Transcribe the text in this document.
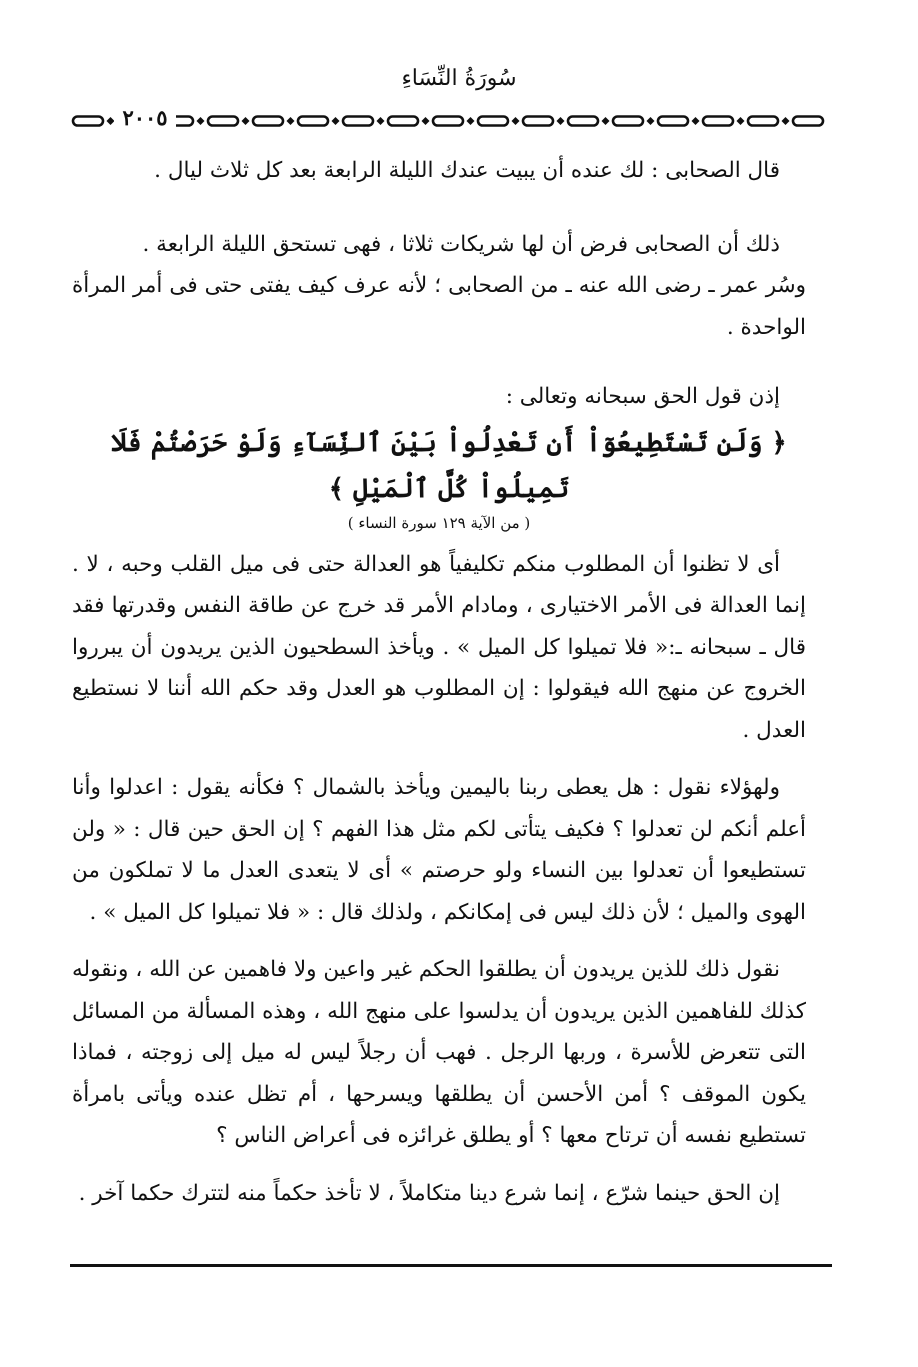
سُورَةُ النِّسَاءِ
٢٠٠٥

قال الصحابى : لك عنده أن يبيت عندك الليلة الرابعة بعد كل ثلاث ليال .

ذلك أن الصحابى فرض أن لها شريكات ثلاثا ، فهى تستحق الليلة الرابعة .

وسُر عمر ـ رضى الله عنه ـ من الصحابى ؛ لأنه عرف كيف يفتى حتى فى أمر المرأة الواحدة .

إذن قول الحق سبحانه وتعالى :

﴿ وَلَن تَسْتَطِيعُوٓاْ أَن تَعْدِلُواْ بَيْنَ ٱلنِّسَآءِ وَلَوْ حَرَصْتُمْ فَلَا تَمِيلُواْ كُلَّ ٱلْمَيْلِ ﴾
( من الآية ١٢٩ سورة النساء )

أى لا تظنوا أن المطلوب منكم تكليفياً هو العدالة حتى فى ميل القلب وحبه ، لا . إنما العدالة فى الأمر الاختيارى ، ومادام الأمر قد خرج عن طاقة النفس وقدرتها فقد قال ـ سبحانه ـ:« فلا تميلوا كل الميل » . ويأخذ السطحيون الذين يريدون أن يبرروا الخروج عن منهج الله فيقولوا : إن المطلوب هو العدل وقد حكم الله أننا لا نستطيع العدل .

ولهؤلاء نقول : هل يعطى ربنا باليمين ويأخذ بالشمال ؟ فكأنه يقول : اعدلوا وأنا أعلم أنكم لن تعدلوا ؟ فكيف يتأتى لكم مثل هذا الفهم ؟ إن الحق حين قال : « ولن تستطيعوا أن تعدلوا بين النساء ولو حرصتم » أى لا يتعدى العدل ما لا تملكون من الهوى والميل ؛ لأن ذلك ليس فى إمكانكم ، ولذلك قال : « فلا تميلوا كل الميل » .

نقول ذلك للذين يريدون أن يطلقوا الحكم غير واعين ولا فاهمين عن الله ، ونقوله كذلك للفاهمين الذين يريدون أن يدلسوا على منهج الله ، وهذه المسألة من المسائل التى تتعرض للأسرة ، وربها الرجل . فهب أن رجلاً ليس له ميل إلى زوجته ، فماذا يكون الموقف ؟ أمن الأحسن أن يطلقها ويسرحها ، أم تظل عنده ويأتى بامرأة تستطيع نفسه أن ترتاح معها ؟ أو يطلق غرائزه فى أعراض الناس ؟

إن الحق حينما شرّع ، إنما شرع دينا متكاملاً ، لا تأخذ حكماً منه لتترك حكما آخر .
